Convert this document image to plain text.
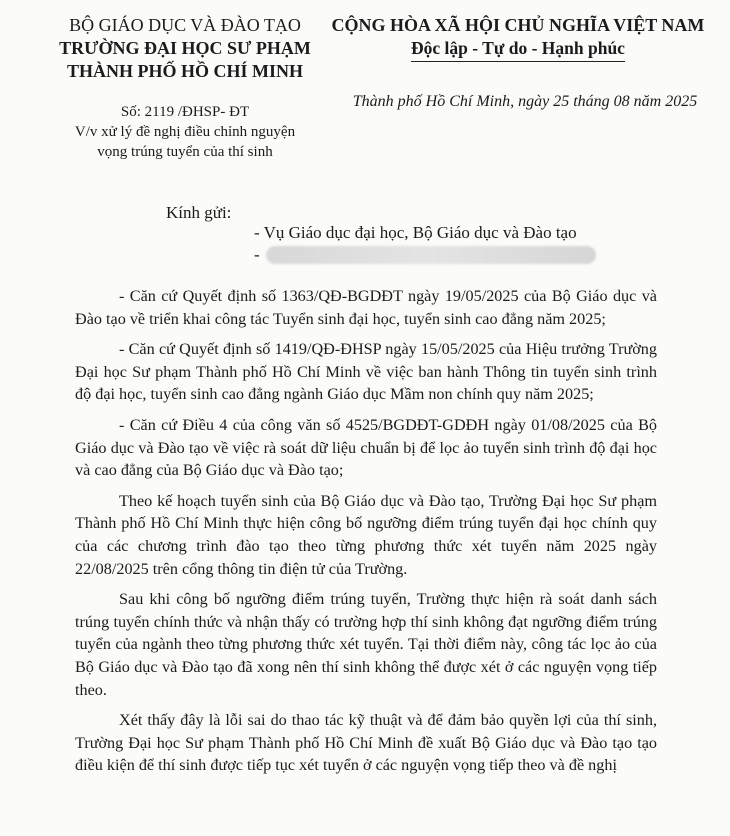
BỘ GIÁO DỤC VÀ ĐÀO TẠO
TRƯỜNG ĐẠI HỌC SƯ PHẠM
THÀNH PHỐ HỒ CHÍ MINH
CỘNG HÒA XÃ HỘI CHỦ NGHĨA VIỆT NAM
Độc lập - Tự do - Hạnh phúc
Số: 2119 /ĐHSP- ĐT
V/v xử lý đề nghị điều chỉnh nguyện
vọng trúng tuyển của thí sinh
Thành phố Hồ Chí Minh, ngày 25 tháng 08 năm 2025
Kính gửi:
- Vụ Giáo dục đại học, Bộ Giáo dục và Đào tạo
-

- Căn cứ Quyết định số 1363/QĐ-BGDĐT ngày 19/05/2025 của Bộ Giáo dục và Đào tạo về triển khai công tác Tuyển sinh đại học, tuyển sinh cao đẳng năm 2025;

- Căn cứ Quyết định số 1419/QĐ-ĐHSP ngày 15/05/2025 của Hiệu trưởng Trường Đại học Sư phạm Thành phố Hồ Chí Minh về việc ban hành Thông tin tuyển sinh trình độ đại học, tuyển sinh cao đẳng ngành Giáo dục Mầm non chính quy năm 2025;

- Căn cứ Điều 4 của công văn số 4525/BGDĐT-GDĐH ngày 01/08/2025 của Bộ Giáo dục và Đào tạo về việc rà soát dữ liệu chuẩn bị để lọc ảo tuyển sinh trình độ đại học và cao đẳng của Bộ Giáo dục và Đào tạo;

Theo kế hoạch tuyển sinh của Bộ Giáo dục và Đào tạo, Trường Đại học Sư phạm Thành phố Hồ Chí Minh thực hiện công bố ngưỡng điểm trúng tuyển đại học chính quy của các chương trình đào tạo theo từng phương thức xét tuyển năm 2025 ngày 22/08/2025 trên cổng thông tin điện tử của Trường.

Sau khi công bố ngưỡng điểm trúng tuyển, Trường thực hiện rà soát danh sách trúng tuyển chính thức và nhận thấy có trường hợp thí sinh không đạt ngưỡng điểm trúng tuyển của ngành theo từng phương thức xét tuyển. Tại thời điểm này, công tác lọc ảo của Bộ Giáo dục và Đào tạo đã xong nên thí sinh không thể được xét ở các nguyện vọng tiếp theo.

Xét thấy đây là lỗi sai do thao tác kỹ thuật và để đảm bảo quyền lợi của thí sinh, Trường Đại học Sư phạm Thành phố Hồ Chí Minh đề xuất Bộ Giáo dục và Đào tạo tạo điều kiện để thí sinh được tiếp tục xét tuyển ở các nguyện vọng tiếp theo và đề nghị
